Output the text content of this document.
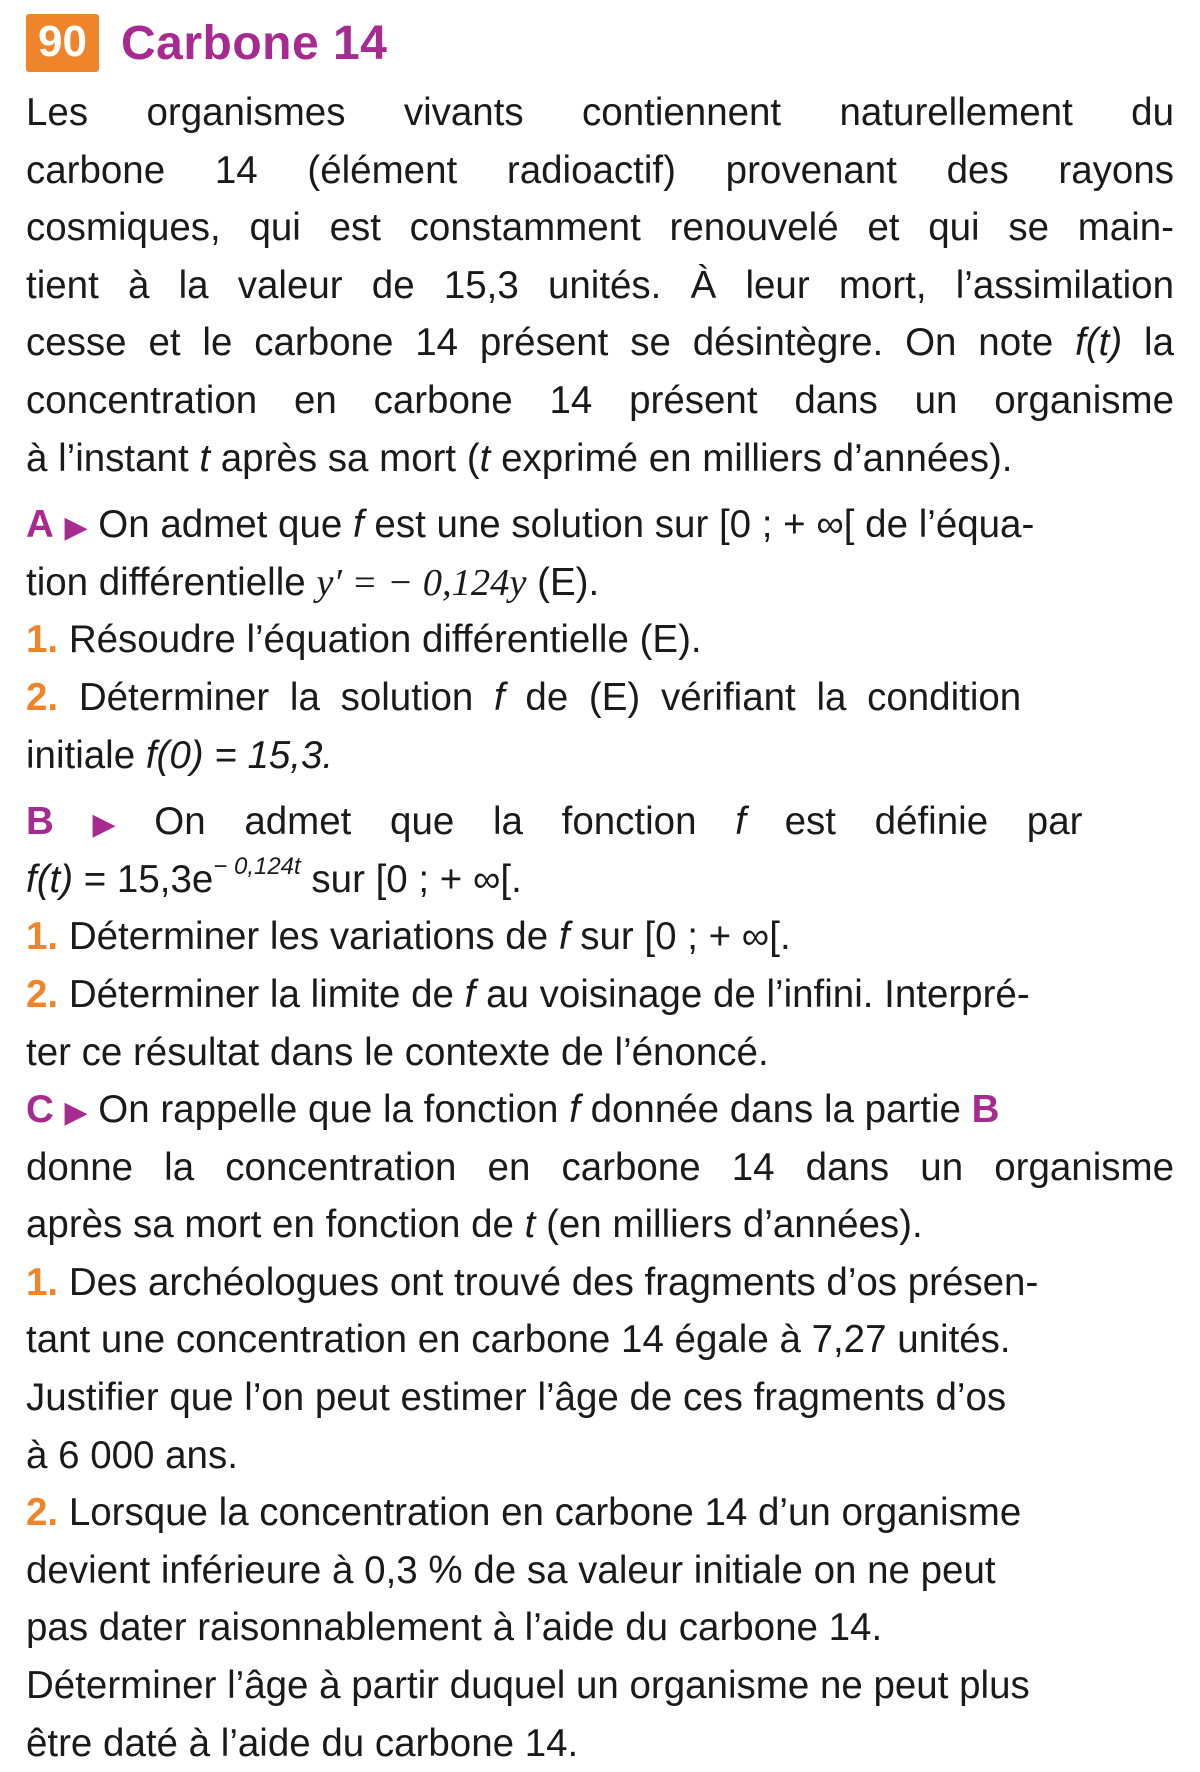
90 Carbone 14
Les organismes vivants contiennent naturellement du
carbone 14 (élément radioactif) provenant des rayons
cosmiques, qui est constamment renouvelé et qui se main-
tient à la valeur de 15,3 unités. À leur mort, l’assimilation
cesse et le carbone 14 présent se désintègre. On note f(t) la
concentration en carbone 14 présent dans un organisme
à l’instant t après sa mort (t exprimé en milliers d’années).
A ▶ On admet que f est une solution sur [0 ; + ∞[ de l’équa-
tion différentielle y′ = − 0,124y (E).
1. Résoudre l’équation différentielle (E).
2. Déterminer la solution f de (E) vérifiant la condition
initiale f(0) = 15,3.
B ▶ On admet que la fonction f est définie par
$f(t) = 15,3e^{- 0,124t}$ sur [0 ; + ∞[.
1. Déterminer les variations de f sur [0 ; + ∞[.
2. Déterminer la limite de f au voisinage de l’infini. Interpré-
ter ce résultat dans le contexte de l’énoncé.
C ▶ On rappelle que la fonction f donnée dans la partie B
donne la concentration en carbone 14 dans un organisme
après sa mort en fonction de t (en milliers d’années).
1. Des archéologues ont trouvé des fragments d’os présen-
tant une concentration en carbone 14 égale à 7,27 unités.
Justifier que l’on peut estimer l’âge de ces fragments d’os
à 6 000 ans.
2. Lorsque la concentration en carbone 14 d’un organisme
devient inférieure à 0,3 % de sa valeur initiale on ne peut
pas dater raisonnablement à l’aide du carbone 14.
Déterminer l’âge à partir duquel un organisme ne peut plus
être daté à l’aide du carbone 14.
